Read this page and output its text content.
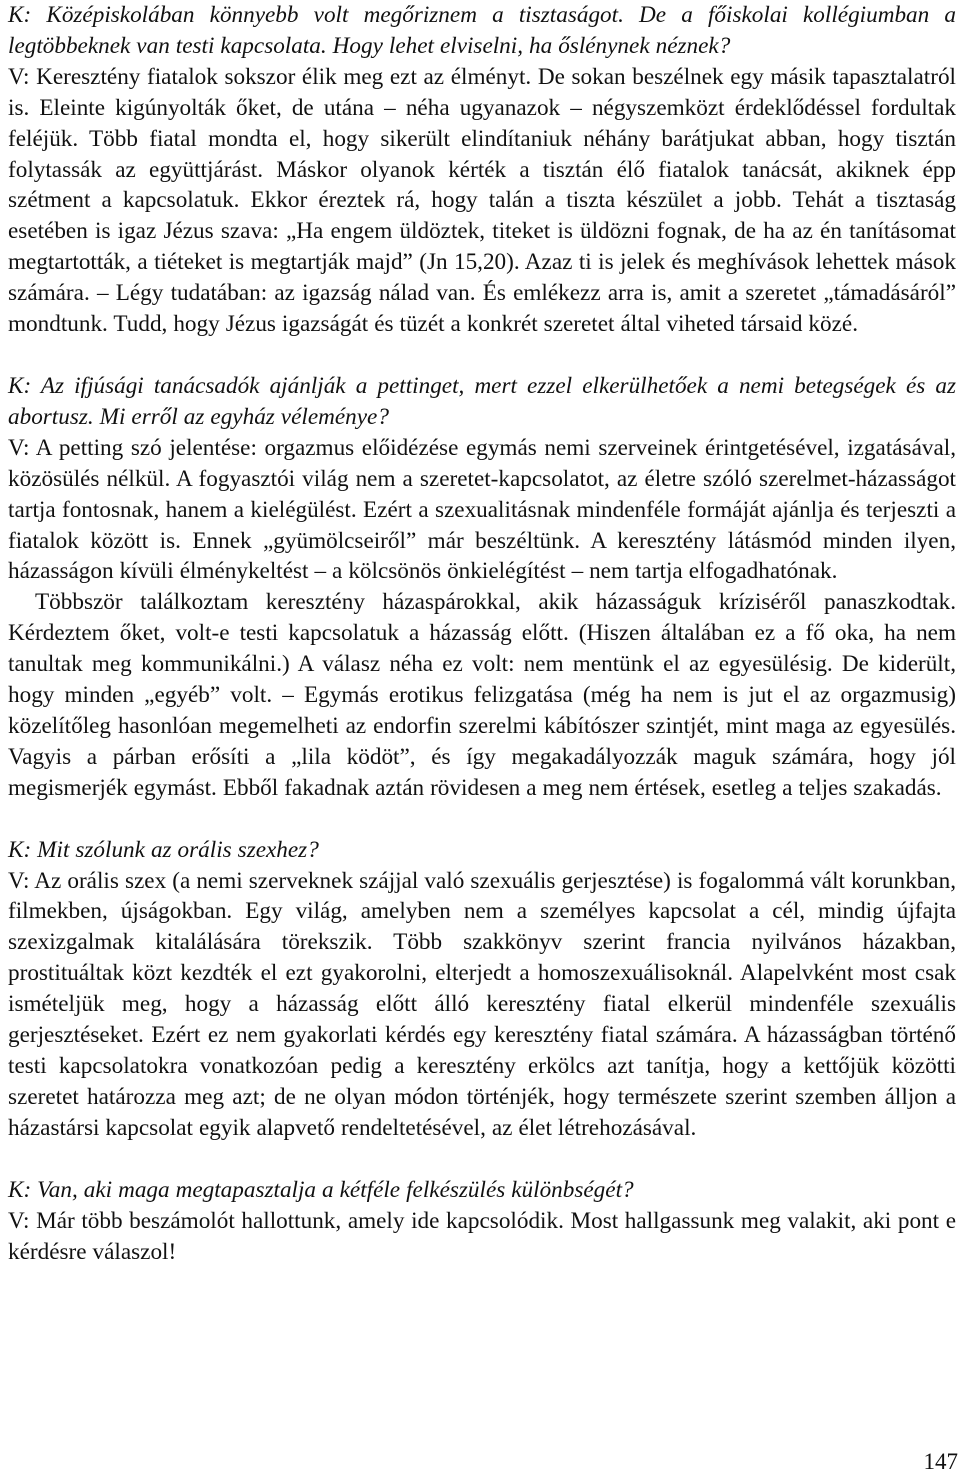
K: Középiskolában könnyebb volt megőriznem a tisztaságot. De a főiskolai kollégiumban a legtöbbeknek van testi kapcsolata. Hogy lehet elviselni, ha őslénynek néznek?

V: Keresztény fiatalok sokszor élik meg ezt az élményt. De sokan beszélnek egy másik tapasztalatról is. Eleinte kigúnyolták őket, de utána – néha ugyanazok – négyszemközt érdeklődéssel fordultak feléjük. Több fiatal mondta el, hogy sikerült elindítaniuk néhány barátjukat abban, hogy tisztán folytassák az együttjárást. Máskor olyanok kérték a tisztán élő fiatalok tanácsát, akiknek épp szétment a kapcsolatuk. Ekkor éreztek rá, hogy talán a tiszta készület a jobb. Tehát a tisztaság esetében is igaz Jézus szava: „Ha engem üldöztek, titeket is üldözni fognak, de ha az én tanításomat megtartották, a tiéteket is megtartják majd” (Jn 15,20). Azaz ti is jelek és meghívások lehettek mások számára. – Légy tudatában: az igazság nálad van. És emlékezz arra is, amit a szeretet „támadásáról” mondtunk. Tudd, hogy Jézus igazságát és tüzét a konkrét szeretet által viheted társaid közé.

K: Az ifjúsági tanácsadók ajánlják a pettinget, mert ezzel elkerülhetőek a nemi betegségek és az abortusz. Mi erről az egyház véleménye?

V: A petting szó jelentése: orgazmus előidézése egymás nemi szerveinek érintgetésével, izgatásával, közösülés nélkül. A fogyasztói világ nem a szeretet-kapcsolatot, az életre szóló szerelmet-házasságot tartja fontosnak, hanem a kielégülést. Ezért a szexualitásnak mindenféle formáját ajánlja és terjeszti a fiatalok között is. Ennek „gyümölcseiről” már beszéltünk. A keresztény látásmód minden ilyen, házasságon kívüli élménykeltést – a kölcsönös önkielégítést – nem tartja elfogadhatónak.

Többször találkoztam keresztény házaspárokkal, akik házasságuk kríziséről panaszkodtak. Kérdeztem őket, volt-e testi kapcsolatuk a házasság előtt. (Hiszen általában ez a fő oka, ha nem tanultak meg kommunikálni.) A válasz néha ez volt: nem mentünk el az egyesülésig. De kiderült, hogy minden „egyéb” volt. – Egymás erotikus felizgatása (még ha nem is jut el az orgazmusig) közelítőleg hasonlóan megemelheti az endorfin szerelmi kábítószer szintjét, mint maga az egyesülés. Vagyis a párban erősíti a „lila ködöt”, és így megakadályozzák maguk számára, hogy jól megismerjék egymást. Ebből fakadnak aztán rövidesen a meg nem értések, esetleg a teljes szakadás.

K: Mit szólunk az orális szexhez?

V: Az orális szex (a nemi szerveknek szájjal való szexuális gerjesztése) is fogalommá vált korunkban, filmekben, újságokban. Egy világ, amelyben nem a személyes kapcsolat a cél, mindig újfajta szexizgalmak kitalálására törekszik. Több szakkönyv szerint francia nyilvános házakban, prostituáltak közt kezdték el ezt gyakorolni, elterjedt a homoszexuálisoknál. Alapelvként most csak ismételjük meg, hogy a házasság előtt álló keresztény fiatal elkerül mindenféle szexuális gerjesztéseket. Ezért ez nem gyakorlati kérdés egy keresztény fiatal számára. A házasságban történő testi kapcsolatokra vonatkozóan pedig a keresztény erkölcs azt tanítja, hogy a kettőjük közötti szeretet határozza meg azt; de ne olyan módon történjék, hogy természete szerint szemben álljon a házastársi kapcsolat egyik alapvető rendeltetésével, az élet létrehozásával.

K: Van, aki maga megtapasztalja a kétféle felkészülés különbségét?

V: Már több beszámolót hallottunk, amely ide kapcsolódik. Most hallgassunk meg valakit, aki pont e kérdésre válaszol!

147
